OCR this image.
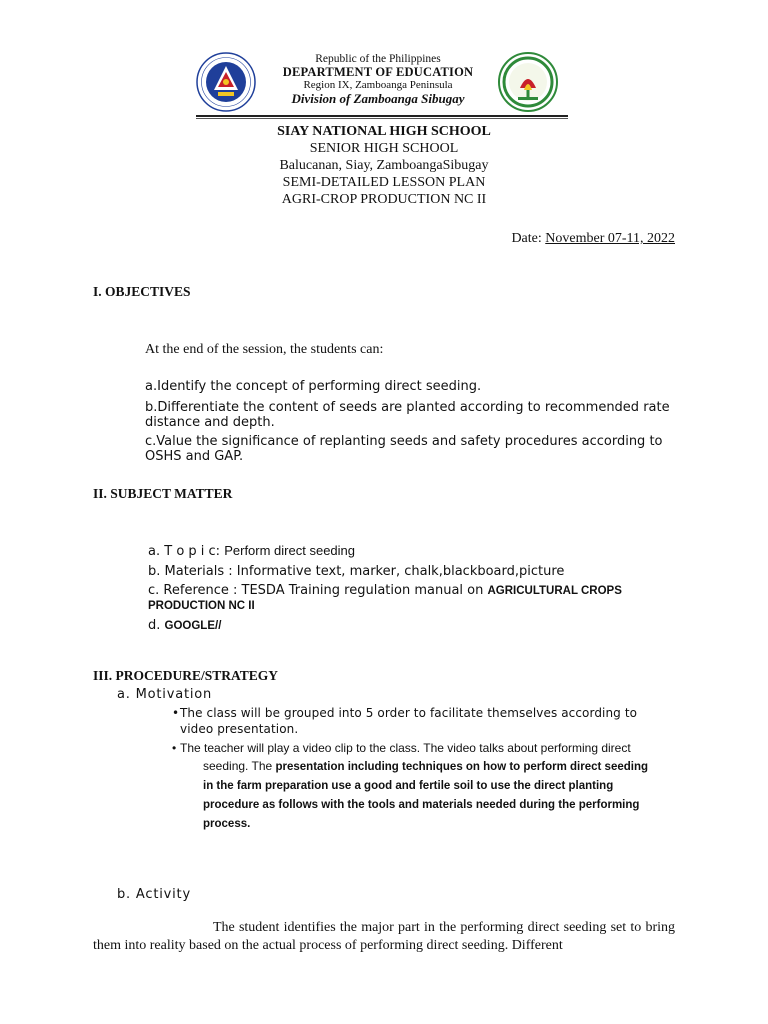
Republic of the Philippines
DEPARTMENT OF EDUCATION
Region IX, Zamboanga Peninsula
Division of Zamboanga Sibugay
SIAY NATIONAL HIGH SCHOOL
SENIOR HIGH SCHOOL
Balucanan, Siay, ZamboangaSibugay
SEMI-DETAILED LESSON PLAN
AGRI-CROP PRODUCTION NC II
Date: November 07-11, 2022
I. OBJECTIVES
At the end of the session, the students can:
a.Identify the concept of performing direct seeding.
b.Differentiate the content of seeds are planted according to recommended rate
distance and depth.
c.Value the significance of replanting seeds and safety procedures according to
OSHS and GAP.
II. SUBJECT MATTER
a. T o p i c: Perform direct seeding
b. Materials : Informative text, marker, chalk,blackboard,picture
c. Reference : TESDA Training regulation manual on AGRICULTURAL CROPS
PRODUCTION NC II
d. GOOGLE//
III. PROCEDURE/STRATEGY
a. Motivation
• The class will be grouped into 5 order to facilitate themselves according to
video presentation.
• The teacher will play a video clip to the class. The video talks about performing direct
seeding. The presentation including techniques on how to perform direct seeding
in the farm preparation use a good and fertile soil to use the direct planting
procedure as follows with the tools and materials needed during the performing
process.
b. Activity
The student identifies the major part in the performing direct seeding set to bring them into reality based on the actual process of performing direct seeding. Different
